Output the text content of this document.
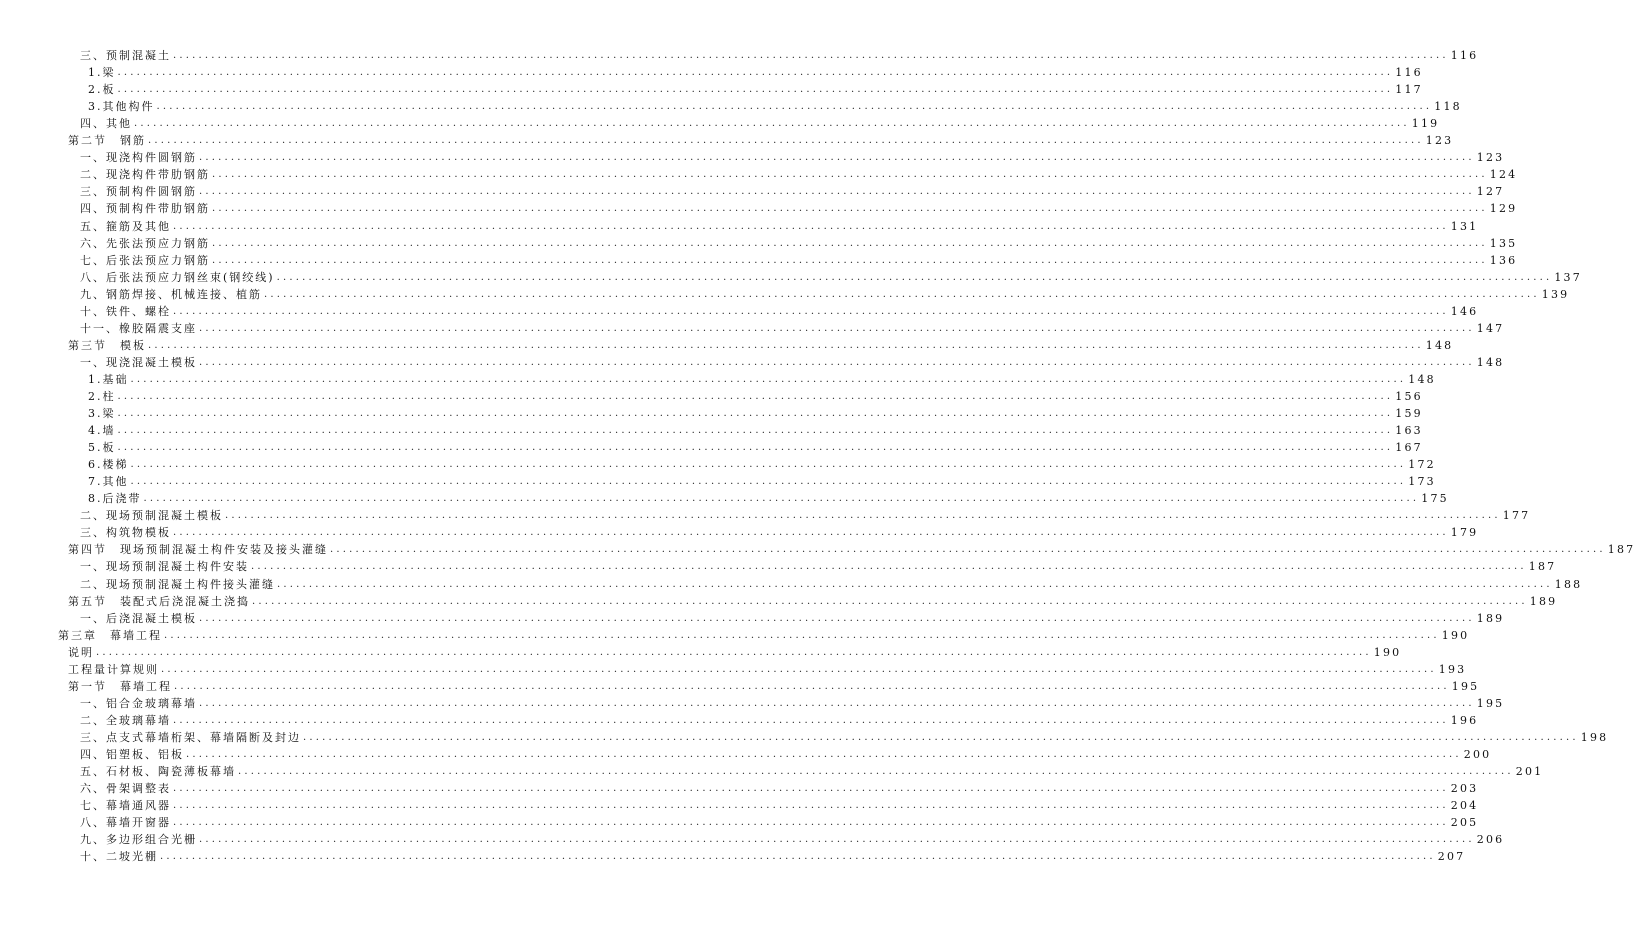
三、预制混凝土 ........................................................................................................................................................................................................ 116
1.梁 ........................................................................................................................................................................................................ 116
2.板 ........................................................................................................................................................................................................ 117
3.其他构件 ........................................................................................................................................................................................................ 118
四、其他 ........................................................................................................................................................................................................ 119
第二节　钢筋 ........................................................................................................................................................................................................ 123
一、现浇构件圆钢筋 ........................................................................................................................................................................................................ 123
二、现浇构件带肋钢筋 ........................................................................................................................................................................................................ 124
三、预制构件圆钢筋 ........................................................................................................................................................................................................ 127
四、预制构件带肋钢筋 ........................................................................................................................................................................................................ 129
五、箍筋及其他 ........................................................................................................................................................................................................ 131
六、先张法预应力钢筋 ........................................................................................................................................................................................................ 135
七、后张法预应力钢筋 ........................................................................................................................................................................................................ 136
八、后张法预应力钢丝束(钢绞线) ........................................................................................................................................................................................................ 137
九、钢筋焊接、机械连接、植筋 ........................................................................................................................................................................................................ 139
十、铁件、螺栓 ........................................................................................................................................................................................................ 146
十一、橡胶隔震支座 ........................................................................................................................................................................................................ 147
第三节　模板 ........................................................................................................................................................................................................ 148
一、现浇混凝土模板 ........................................................................................................................................................................................................ 148
1.基础 ........................................................................................................................................................................................................ 148
2.柱 ........................................................................................................................................................................................................ 156
3.梁 ........................................................................................................................................................................................................ 159
4.墙 ........................................................................................................................................................................................................ 163
5.板 ........................................................................................................................................................................................................ 167
6.楼梯 ........................................................................................................................................................................................................ 172
7.其他 ........................................................................................................................................................................................................ 173
8.后浇带 ........................................................................................................................................................................................................ 175
二、现场预制混凝土模板 ........................................................................................................................................................................................................ 177
三、构筑物模板 ........................................................................................................................................................................................................ 179
第四节　现场预制混凝土构件安装及接头灌缝 ........................................................................................................................................................................................................ 187
一、现场预制混凝土构件安装 ........................................................................................................................................................................................................ 187
二、现场预制混凝土构件接头灌缝 ........................................................................................................................................................................................................ 188
第五节　装配式后浇混凝土浇捣 ........................................................................................................................................................................................................ 189
一、后浇混凝土模板 ........................................................................................................................................................................................................ 189
第三章　幕墙工程 ........................................................................................................................................................................................................ 190
说明 ........................................................................................................................................................................................................ 190
工程量计算规则 ........................................................................................................................................................................................................ 193
第一节　幕墙工程 ........................................................................................................................................................................................................ 195
一、铝合金玻璃幕墙 ........................................................................................................................................................................................................ 195
二、全玻璃幕墙 ........................................................................................................................................................................................................ 196
三、点支式幕墙桁架、幕墙隔断及封边 ........................................................................................................................................................................................................ 198
四、铝塑板、铝板 ........................................................................................................................................................................................................ 200
五、石材板、陶瓷薄板幕墙 ........................................................................................................................................................................................................ 201
六、骨架调整表 ........................................................................................................................................................................................................ 203
七、幕墙通风器 ........................................................................................................................................................................................................ 204
八、幕墙开窗器 ........................................................................................................................................................................................................ 205
九、多边形组合光栅 ........................................................................................................................................................................................................ 206
十、二坡光棚 ........................................................................................................................................................................................................ 207
